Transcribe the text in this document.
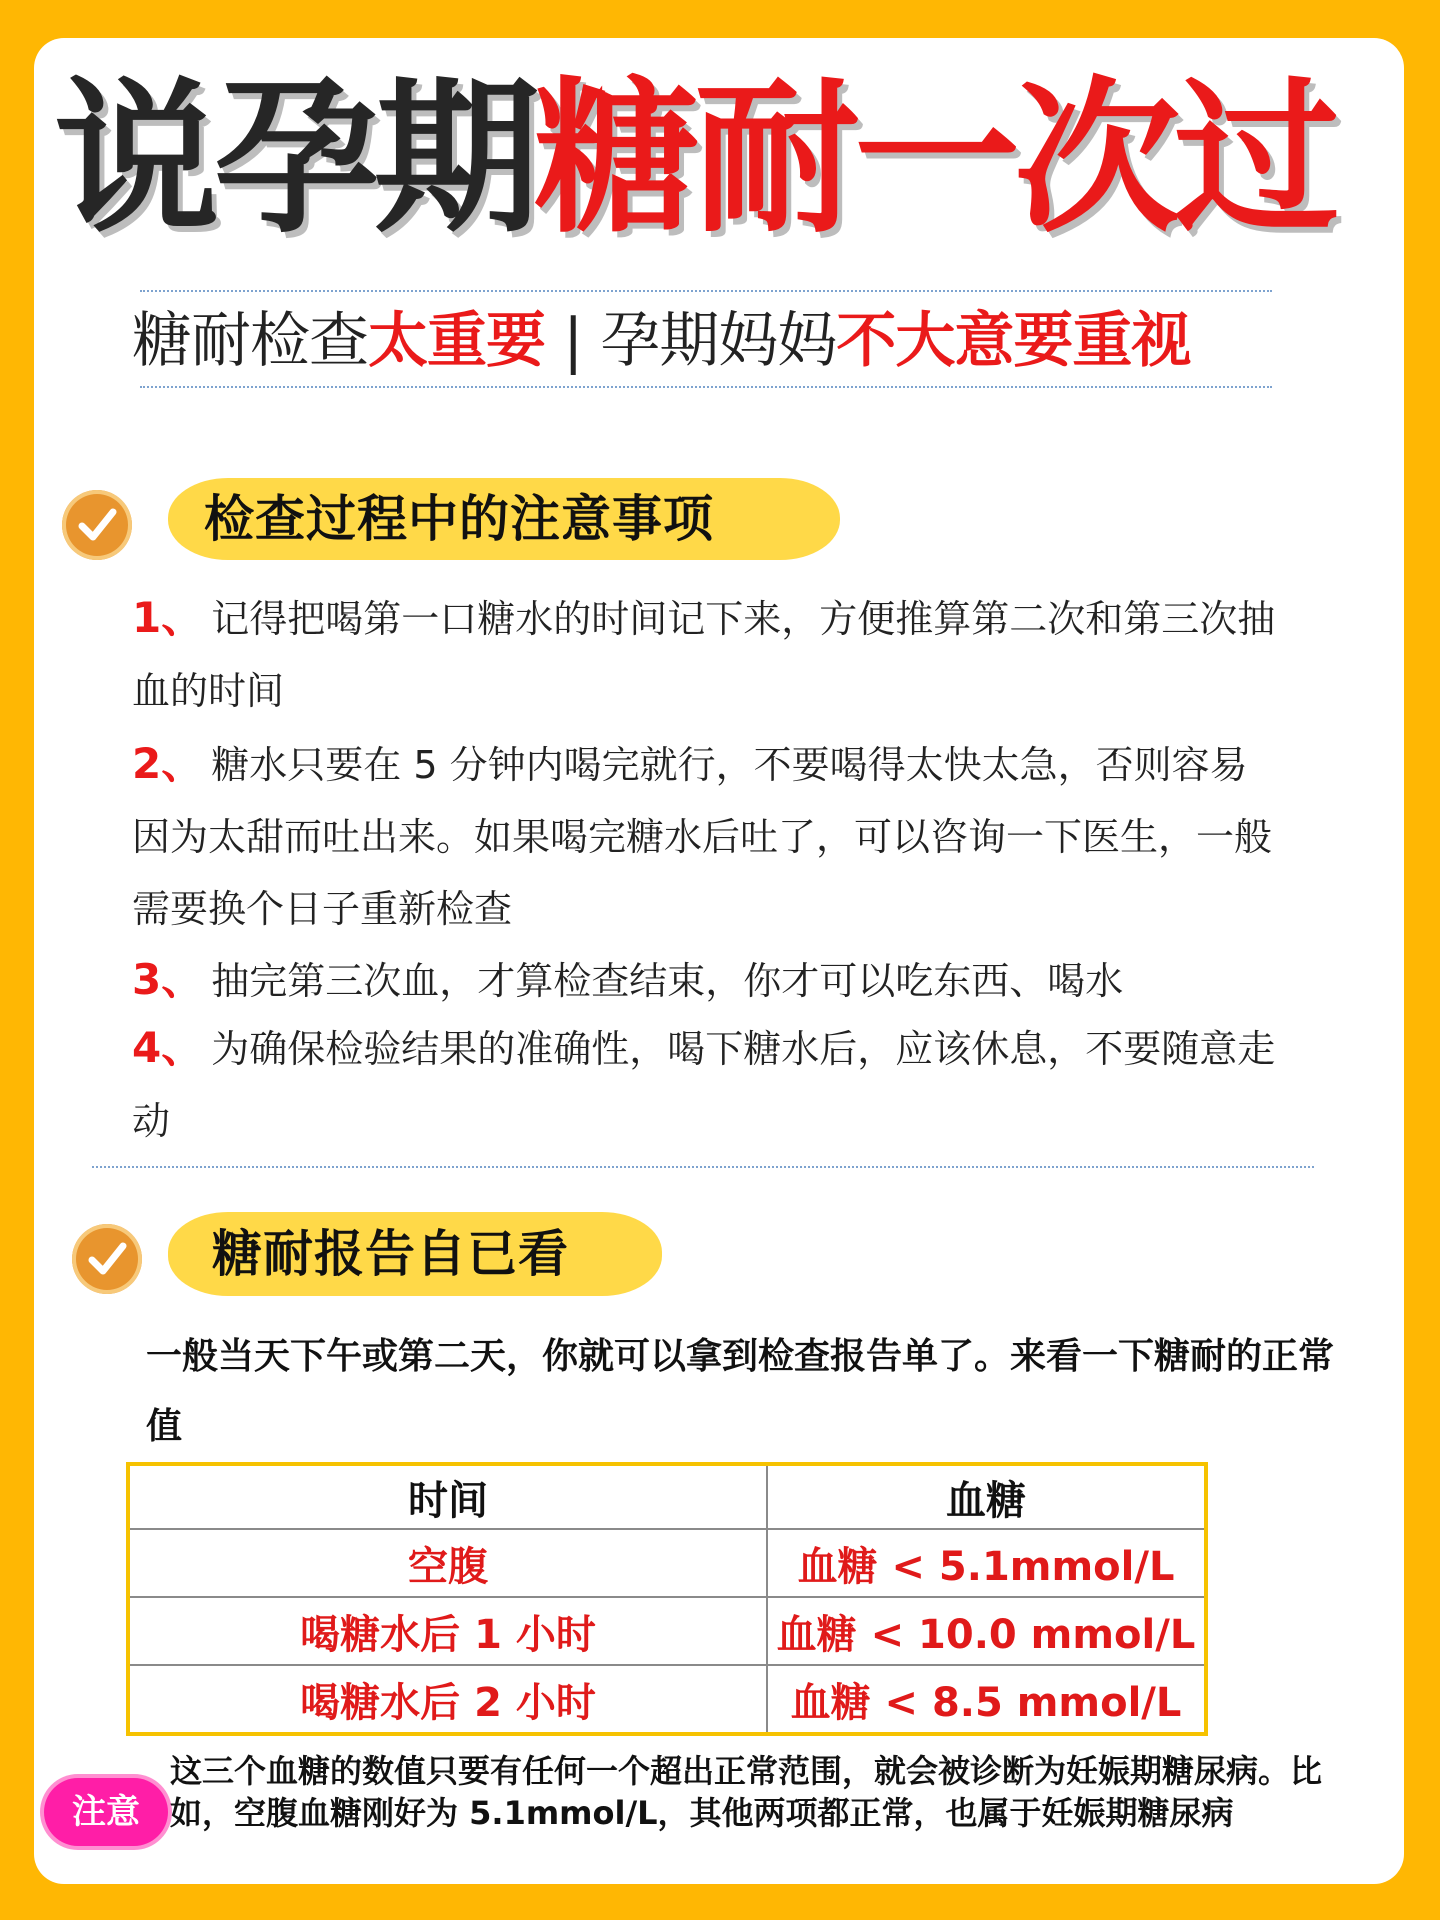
说孕期糖耐一次过
糖耐检查太重要 | 孕期妈妈不大意要重视
检查过程中的注意事项
1、 记得把喝第一口糖水的时间记下来，方便推算第二次和第三次抽血的时间
2、 糖水只要在 5 分钟内喝完就行，不要喝得太快太急，否则容易因为太甜而吐出来。如果喝完糖水后吐了，可以咨询一下医生，一般需要换个日子重新检查
3、 抽完第三次血，才算检查结束，你才可以吃东西、喝水
4、 为确保检验结果的准确性，喝下糖水后，应该休息，不要随意走动
糖耐报告自已看
一般当天下午或第二天，你就可以拿到检查报告单了。来看一下糖耐的正常值
时间	血糖
空腹	血糖 < 5.1mmol/L
喝糖水后 1 小时	血糖 < 10.0 mmol/L
喝糖水后 2 小时	血糖 < 8.5 mmol/L
注意
这三个血糖的数值只要有任何一个超出正常范围，就会被诊断为妊娠期糖尿病。比如，空腹血糖刚好为 5.1mmol/L，其他两项都正常，也属于妊娠期糖尿病
